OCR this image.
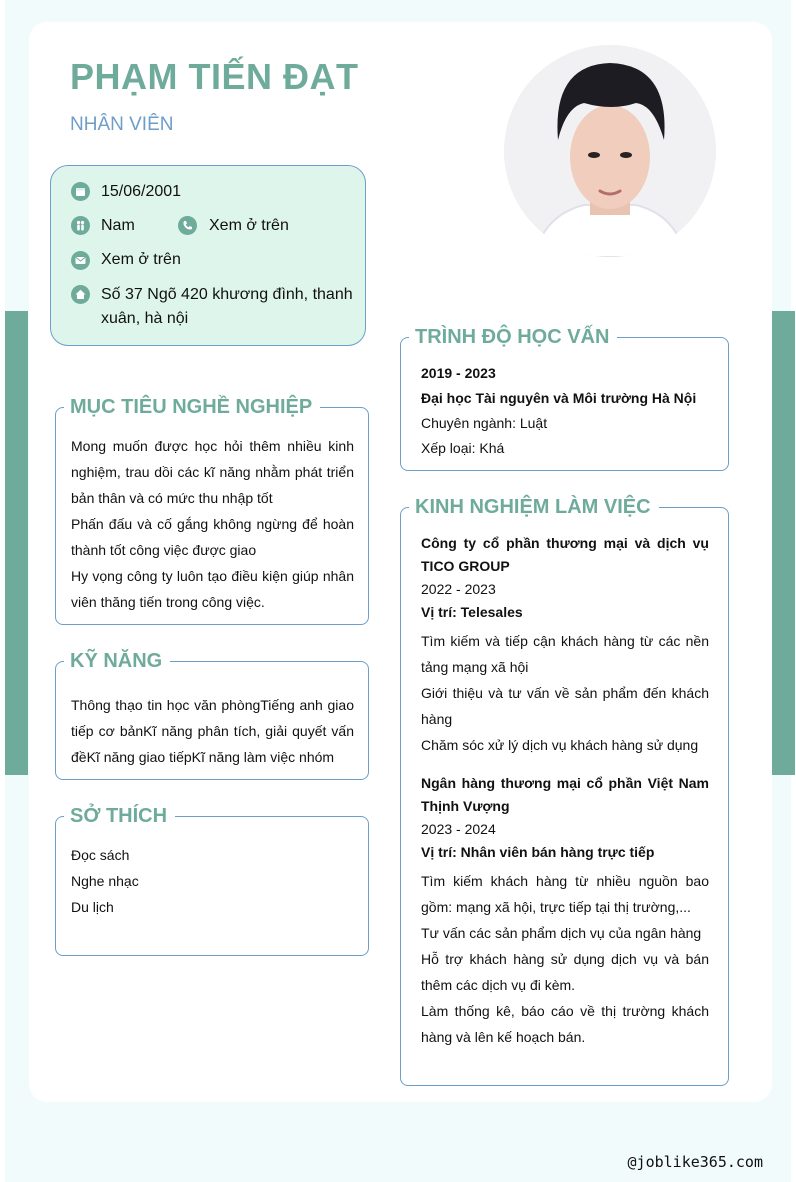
PHẠM TIẾN ĐẠT
NHÂN VIÊN
15/06/2001
Nam	Xem ở trên
Xem ở trên
Số 37 Ngõ 420 khương đình, thanh xuân, hà nội
MỤC TIÊU NGHỀ NGHIỆP

Mong muốn được học hỏi thêm nhiều kinh nghiệm, trau dồi các kĩ năng nhằm phát triển bản thân và có mức thu nhập tốt

Phấn đấu và cố gắng không ngừng để hoàn thành tốt công việc được giao

Hy vọng công ty luôn tạo điều kiện giúp nhân viên thăng tiến trong công việc.

KỸ NĂNG
Thông thạo tin học văn phòngTiếng anh giao tiếp cơ bảnKĩ năng phân tích, giải quyết vấn đềKĩ năng giao tiếpKĩ năng làm việc nhóm
SỞ THÍCH
Đọc sách
Nghe nhạc
Du lịch
TRÌNH ĐỘ HỌC VẤN
2019 - 2023
Đại học Tài nguyên và Môi trường Hà Nội
Chuyên ngành: Luật
Xếp loại: Khá
KINH NGHIỆM LÀM VIỆC
Công ty cổ phần thương mại và dịch vụ TICO GROUP
2022 - 2023
Vị trí: Telesales

Tìm kiếm và tiếp cận khách hàng từ các nền tảng mạng xã hội

Giới thiệu và tư vấn về sản phẩm đến khách hàng

Chăm sóc xử lý dịch vụ khách hàng sử dụng

Ngân hàng thương mại cổ phần Việt Nam Thịnh Vượng
2023 - 2024
Vị trí: Nhân viên bán hàng trực tiếp

Tìm kiếm khách hàng từ nhiều nguồn bao gồm: mạng xã hội, trực tiếp tại thị trường,...

Tư vấn các sản phẩm dịch vụ của ngân hàng

Hỗ trợ khách hàng sử dụng dịch vụ và bán thêm các dịch vụ đi kèm.

Làm thống kê, báo cáo về thị trường khách hàng và lên kế hoạch bán.

@joblike365.com
